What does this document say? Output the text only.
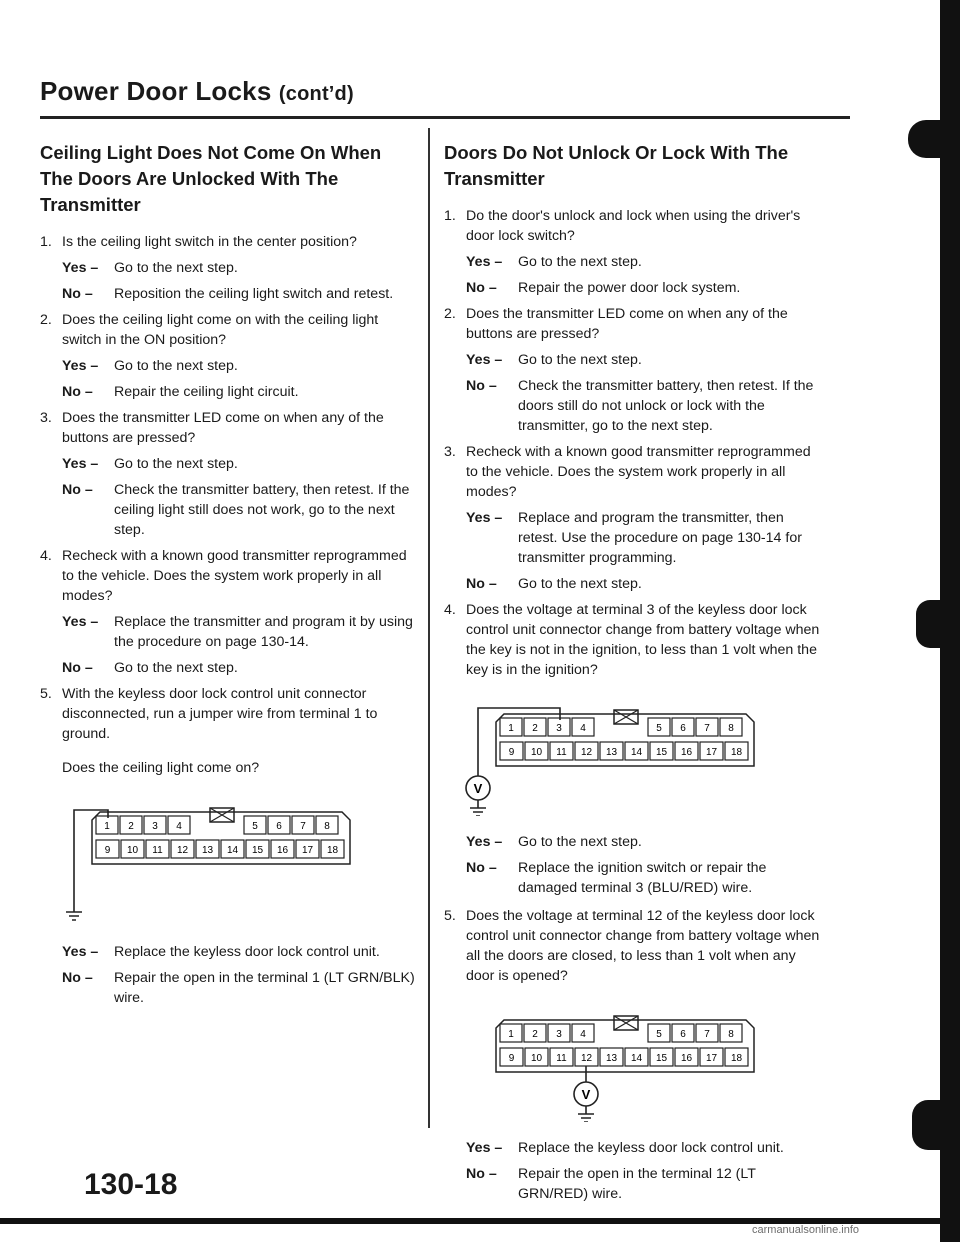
Power Door Locks (cont’d)
Ceiling Light Does Not Come On When The Doors Are Unlocked With The Transmitter
1. Is the ceiling light switch in the center position?
Yes – Go to the next step.
No – Reposition the ceiling light switch and retest.
2. Does the ceiling light come on with the ceiling light switch in the ON position?
Yes – Go to the next step.
No – Repair the ceiling light circuit.
3. Does the transmitter LED come on when any of the buttons are pressed?
Yes – Go to the next step.
No – Check the transmitter battery, then retest. If the ceiling light still does not work, go to the next step.
4. Recheck with a known good transmitter reprogrammed to the vehicle. Does the system work properly in all modes?
Yes – Replace the transmitter and program it by using the procedure on page 130-14.
No – Go to the next step.
5. With the keyless door lock control unit connector disconnected, run a jumper wire from terminal 1 to ground.
Does the ceiling light come on?
1 2 3 4	5 6 7 8
9 10 11 12 13 14 15 16 17 18
Yes – Replace the keyless door lock control unit.
No – Repair the open in the terminal 1 (LT GRN/BLK) wire.
Doors Do Not Unlock Or Lock With The Transmitter
1. Do the door's unlock and lock when using the driver's door lock switch?
Yes – Go to the next step.
No – Repair the power door lock system.
2. Does the transmitter LED come on when any of the buttons are pressed?
Yes – Go to the next step.
No – Check the transmitter battery, then retest. If the doors still do not unlock or lock with the transmitter, go to the next step.
3. Recheck with a known good transmitter reprogrammed to the vehicle. Does the system work properly in all modes?
Yes – Replace and program the transmitter, then retest. Use the procedure on page 130-14 for transmitter programming.
No – Go to the next step.
4. Does the voltage at terminal 3 of the keyless door lock control unit connector change from battery voltage when the key is not in the ignition, to less than 1 volt when the key is in the ignition?
1 2 3 4	5 6 7 8
9 10 11 12 13 14 15 16 17 18
V
Yes – Go to the next step.
No – Replace the ignition switch or repair the damaged terminal 3 (BLU/RED) wire.
5. Does the voltage at terminal 12 of the keyless door lock control unit connector change from battery voltage when all the doors are closed, to less than 1 volt when any door is opened?
1 2 3 4	5 6 7 8
9 10 11 12 13 14 15 16 17 18
V
Yes – Replace the keyless door lock control unit.
No – Repair the open in the terminal 12 (LT GRN/RED) wire.
130-18
carmanualsonline.info
